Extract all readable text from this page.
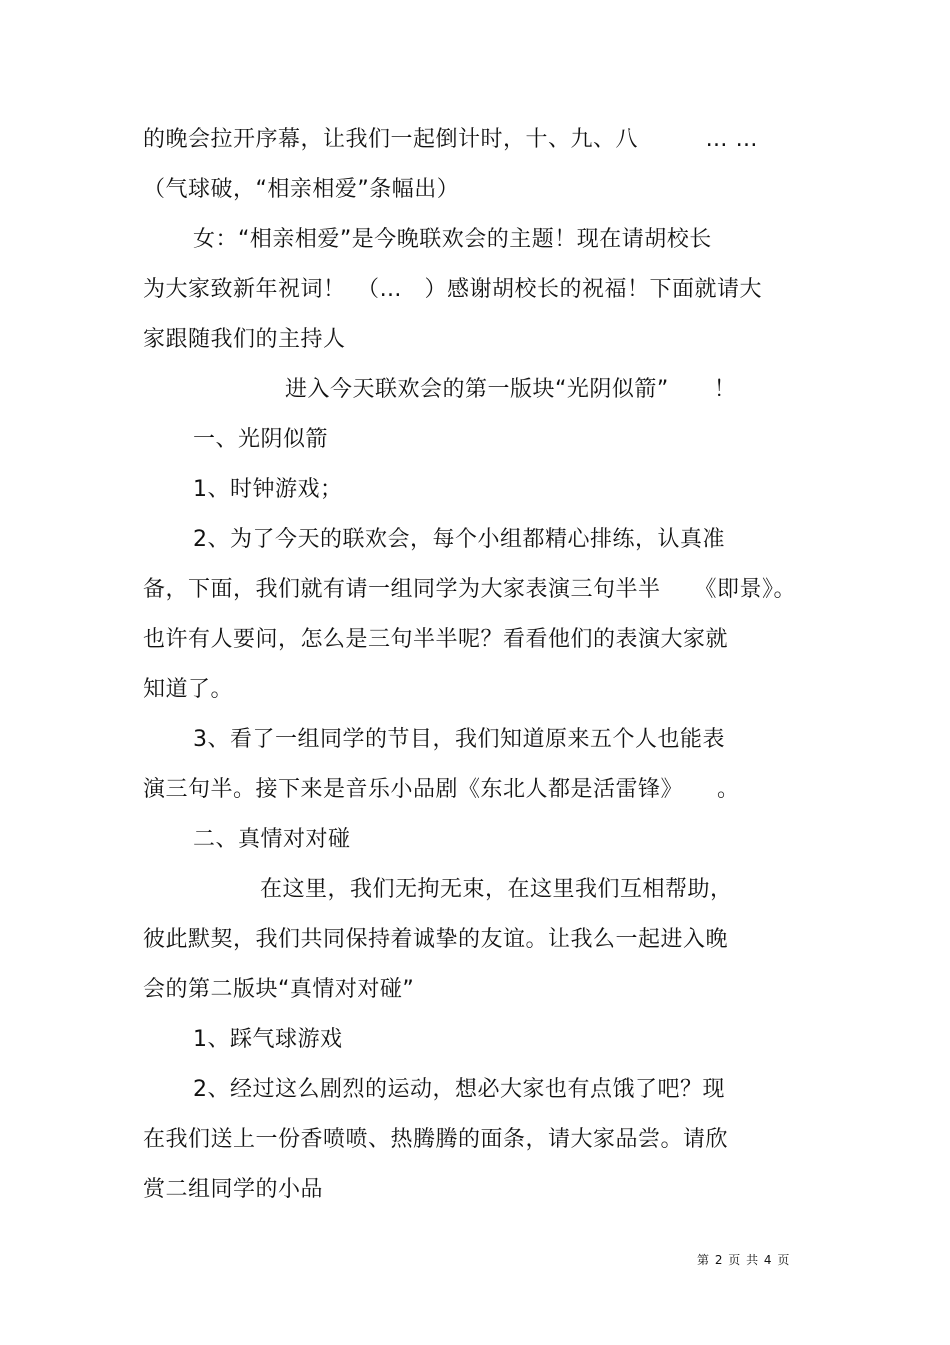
的晚会拉开序幕，让我们一起倒计时，十、九、八　　　… …
（气球破，“相亲相爱”条幅出）
女：“相亲相爱”是今晚联欢会的主题！现在请胡校长
为大家致新年祝词！　（…　）感谢胡校长的祝福！下面就请大
家跟随我们的主持人
进入今天联欢会的第一版块“光阴似箭”　　！
一、光阴似箭
1、时钟游戏；
2、为了今天的联欢会，每个小组都精心排练，认真准
备，下面，我们就有请一组同学为大家表演三句半半　　《即景》。
也许有人要问，怎么是三句半半呢？看看他们的表演大家就
知道了。
3、看了一组同学的节目，我们知道原来五个人也能表
演三句半。接下来是音乐小品剧《东北人都是活雷锋》　　。
二、真情对对碰
在这里，我们无拘无束，在这里我们互相帮助，
彼此默契，我们共同保持着诚挚的友谊。让我么一起进入晚
会的第二版块“真情对对碰”
1、踩气球游戏
2、经过这么剧烈的运动，想必大家也有点饿了吧？现
在我们送上一份香喷喷、热腾腾的面条，请大家品尝。请欣
赏二组同学的小品
第 2 页 共 4 页
